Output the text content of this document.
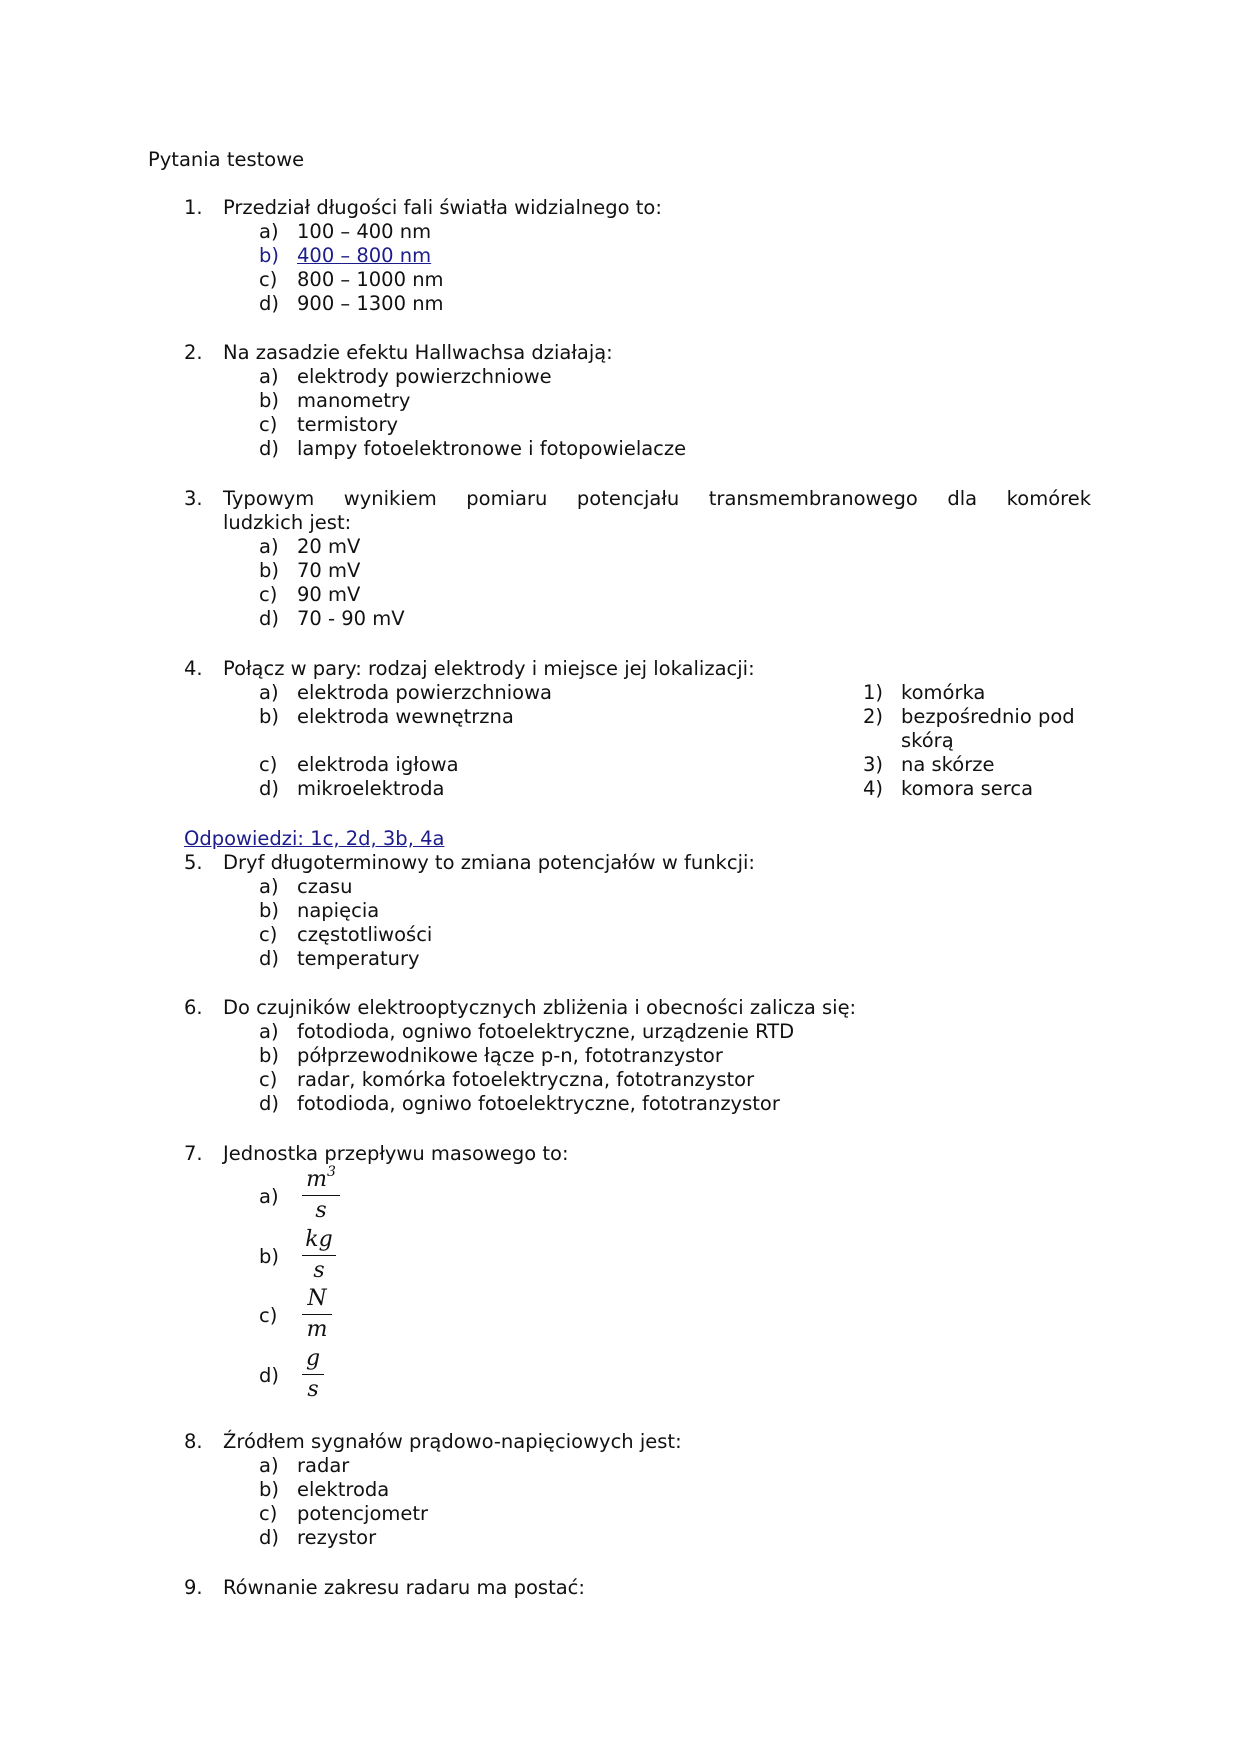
Pytania testowe
1. Przedział długości fali światła widzialnego to:
a) 100 – 400 nm
b) 400 – 800 nm
c) 800 – 1000 nm
d) 900 – 1300 nm
2. Na zasadzie efektu Hallwachsa działają:
a) elektrody powierzchniowe
b) manometry
c) termistory
d) lampy fotoelektronowe i fotopowielacze
3. Typowym wynikiem pomiaru potencjału transmembranowego dla komórek
ludzkich jest:
a) 20 mV
b) 70 mV
c) 90 mV
d) 70 - 90 mV
4. Połącz w pary: rodzaj elektrody i miejsce jej lokalizacji:
a) elektroda powierzchniowa
b) elektroda wewnętrzna
c) elektroda igłowa
d) mikroelektroda
1) komórka
2) bezpośrednio pod
skórą
3) na skórze
4) komora serca
Odpowiedzi: 1c, 2d, 3b, 4a
5. Dryf długoterminowy to zmiana potencjałów w funkcji:
a) czasu
b) napięcia
c) częstotliwości
d) temperatury
6. Do czujników elektrooptycznych zbliżenia i obecności zalicza się:
a) fotodioda, ogniwo fotoelektryczne, urządzenie RTD
b) półprzewodnikowe łącze p-n, fototranzystor
c) radar, komórka fotoelektryczna, fototranzystor
d) fotodioda, ogniwo fotoelektryczne, fototranzystor
7. Jednostka przepływu masowego to:
a)
$m^3$
s
b)
kg
s
c)
N
m
d)
g
s
8. Źródłem sygnałów prądowo-napięciowych jest:
a) radar
b) elektroda
c) potencjometr
d) rezystor
9. Równanie zakresu radaru ma postać:
